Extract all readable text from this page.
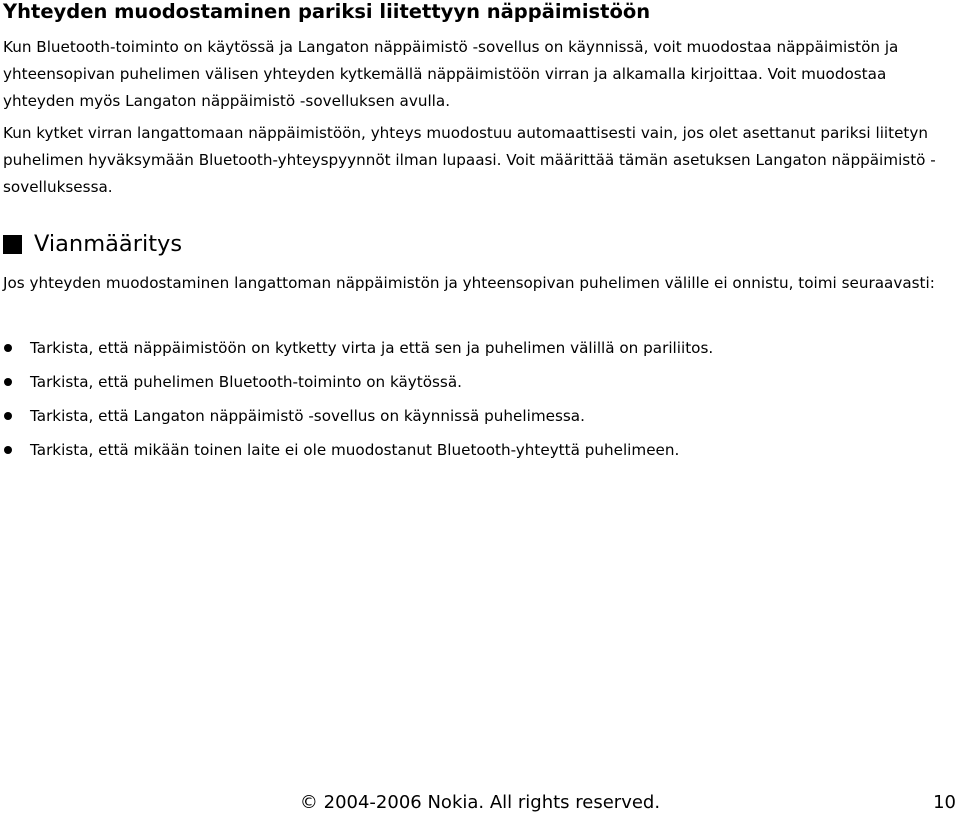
Yhteyden muodostaminen pariksi liitettyyn näppäimistöön

Kun Bluetooth-toiminto on käytössä ja Langaton näppäimistö -sovellus on käynnissä, voit muodostaa näppäimistön ja yhteensopivan puhelimen välisen yhteyden kytkemällä näppäimistöön virran ja alkamalla kirjoittaa. Voit muodostaa yhteyden myös Langaton näppäimistö -sovelluksen avulla.

Kun kytket virran langattomaan näppäimistöön, yhteys muodostuu automaattisesti vain, jos olet asettanut pariksi liitetyn puhelimen hyväksymään Bluetooth-yhteyspyynnöt ilman lupaasi. Voit määrittää tämän asetuksen Langaton näppäimistö -sovelluksessa.

Vianmääritys

Jos yhteyden muodostaminen langattoman näppäimistön ja yhteensopivan puhelimen välille ei onnistu, toimi seuraavasti:

Tarkista, että näppäimistöön on kytketty virta ja että sen ja puhelimen välillä on pariliitos.
Tarkista, että puhelimen Bluetooth-toiminto on käytössä.
Tarkista, että Langaton näppäimistö -sovellus on käynnissä puhelimessa.
Tarkista, että mikään toinen laite ei ole muodostanut Bluetooth-yhteyttä puhelimeen.
© 2004-2006 Nokia. All rights reserved.	10
